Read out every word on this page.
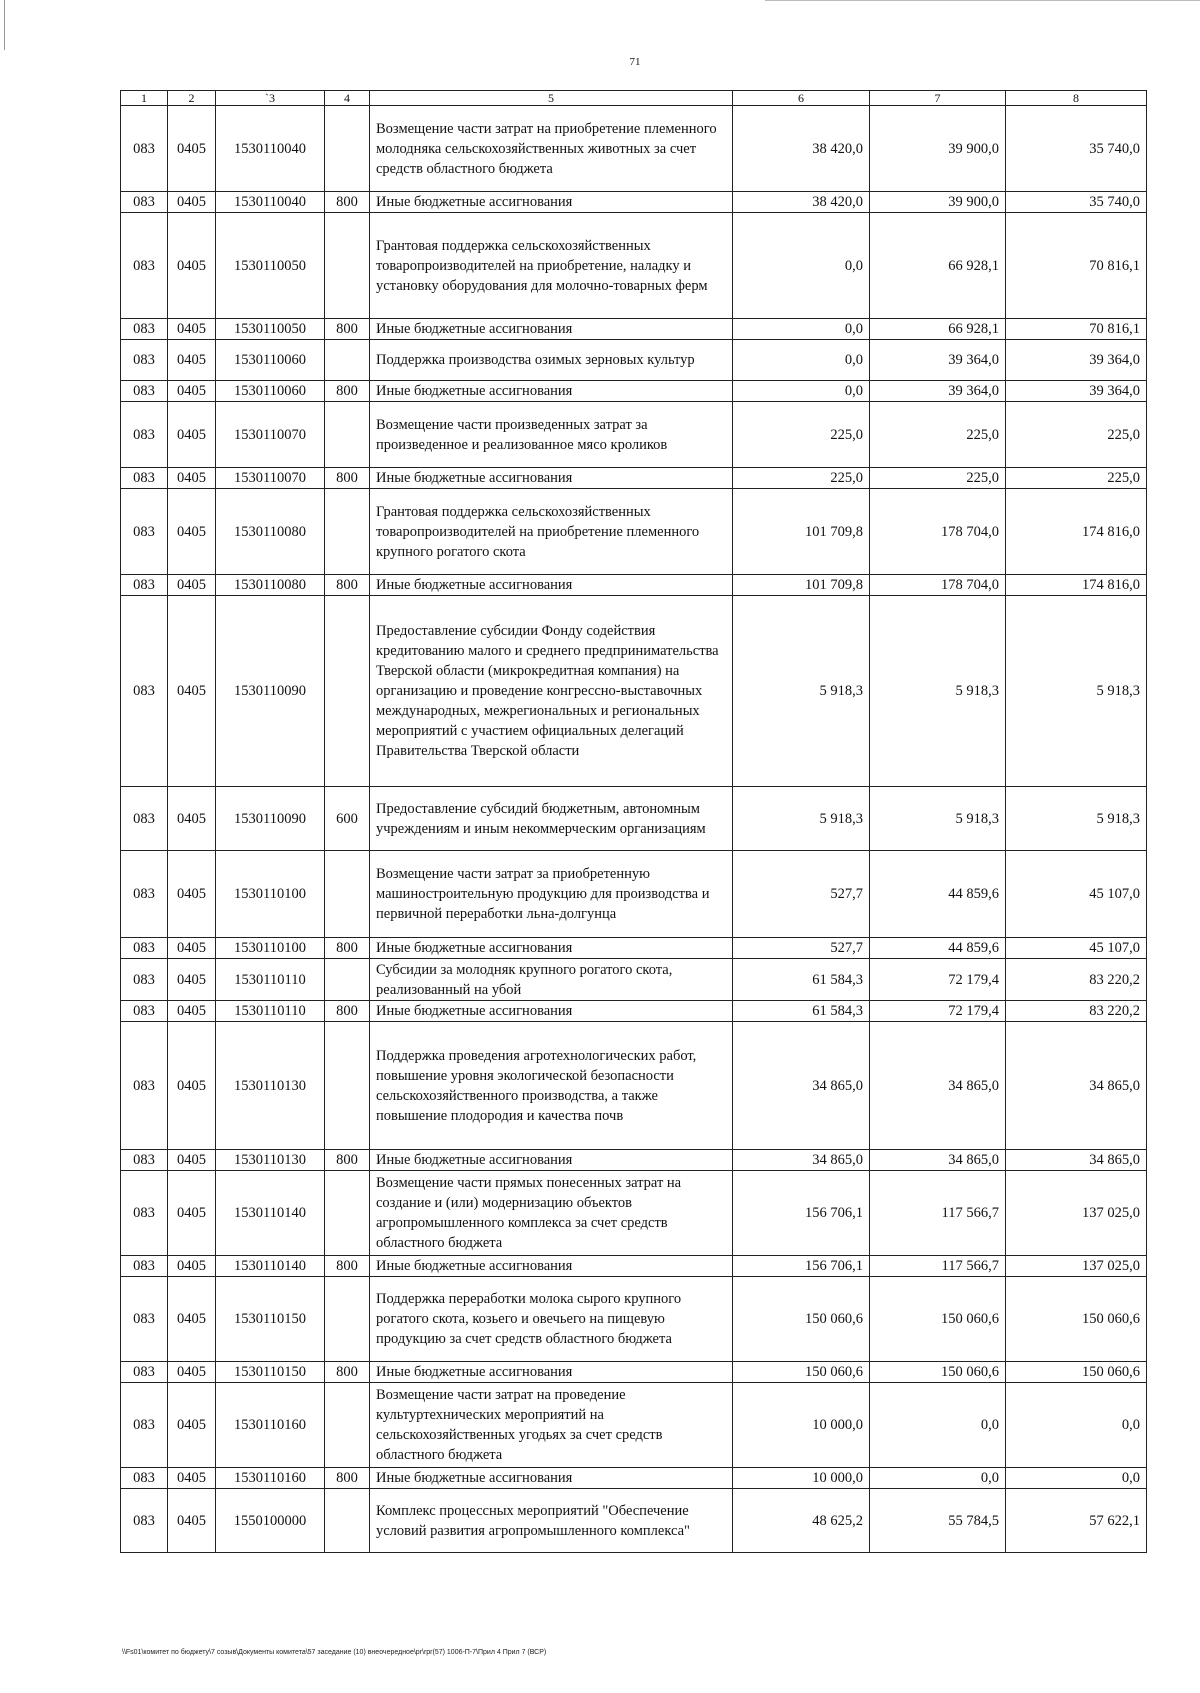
71
1	2	`3	4	5	6	7	8
083	0405	1530110040		Возмещение части затрат на приобретение племенного молодняка сельскохозяйственных животных за счет средств областного бюджета	38 420,0	39 900,0	35 740,0
083	0405	1530110040	800	Иные бюджетные ассигнования	38 420,0	39 900,0	35 740,0
083	0405	1530110050		Грантовая поддержка сельскохозяйственных товаропроизводителей на приобретение, наладку и установку оборудования для молочно-товарных ферм	0,0	66 928,1	70 816,1
083	0405	1530110050	800	Иные бюджетные ассигнования	0,0	66 928,1	70 816,1
083	0405	1530110060		Поддержка производства озимых зерновых культур	0,0	39 364,0	39 364,0
083	0405	1530110060	800	Иные бюджетные ассигнования	0,0	39 364,0	39 364,0
083	0405	1530110070		Возмещение части произведенных затрат за произведенное и реализованное мясо кроликов	225,0	225,0	225,0
083	0405	1530110070	800	Иные бюджетные ассигнования	225,0	225,0	225,0
083	0405	1530110080		Грантовая поддержка сельскохозяйственных товаропроизводителей на приобретение племенного крупного рогатого скота	101 709,8	178 704,0	174 816,0
083	0405	1530110080	800	Иные бюджетные ассигнования	101 709,8	178 704,0	174 816,0
083	0405	1530110090		Предоставление субсидии Фонду содействия кредитованию малого и среднего предпринимательства Тверской области (микрокредитная компания) на организацию и проведение конгрессно-выставочных международных, межрегиональных и региональных мероприятий с участием официальных делегаций Правительства Тверской области	5 918,3	5 918,3	5 918,3
083	0405	1530110090	600	Предоставление субсидий бюджетным, автономным учреждениям и иным некоммерческим организациям	5 918,3	5 918,3	5 918,3
083	0405	1530110100		Возмещение части затрат за приобретенную машиностроительную продукцию для производства и первичной переработки льна-долгунца	527,7	44 859,6	45 107,0
083	0405	1530110100	800	Иные бюджетные ассигнования	527,7	44 859,6	45 107,0
083	0405	1530110110		Субсидии за молодняк крупного рогатого скота, реализованный на убой	61 584,3	72 179,4	83 220,2
083	0405	1530110110	800	Иные бюджетные ассигнования	61 584,3	72 179,4	83 220,2
083	0405	1530110130		Поддержка проведения агротехнологических работ, повышение уровня экологической безопасности сельскохозяйственного производства, а также повышение плодородия и качества почв	34 865,0	34 865,0	34 865,0
083	0405	1530110130	800	Иные бюджетные ассигнования	34 865,0	34 865,0	34 865,0
083	0405	1530110140		Возмещение части прямых понесенных затрат на создание и (или) модернизацию объектов агропромышленного комплекса за счет средств областного бюджета	156 706,1	117 566,7	137 025,0
083	0405	1530110140	800	Иные бюджетные ассигнования	156 706,1	117 566,7	137 025,0
083	0405	1530110150		Поддержка переработки молока сырого крупного рогатого скота, козьего и овечьего на пищевую продукцию за счет средств областного бюджета	150 060,6	150 060,6	150 060,6
083	0405	1530110150	800	Иные бюджетные ассигнования	150 060,6	150 060,6	150 060,6
083	0405	1530110160		Возмещение части затрат на проведение культуртехнических мероприятий на сельскохозяйственных угодьях за счет средств областного бюджета	10 000,0	0,0	0,0
083	0405	1530110160	800	Иные бюджетные ассигнования	10 000,0	0,0	0,0
083	0405	1550100000		Комплекс процессных мероприятий "Обеспечение условий развития агропромышленного комплекса"	48 625,2	55 784,5	57 622,1
\\Fs01\комитет по бюджету\7 созыв\Документы комитета\57 заседание (10) внеочередное\pr\rpr(57) 1006-П-7\Прил 4 Прил 7 (ВСР)
